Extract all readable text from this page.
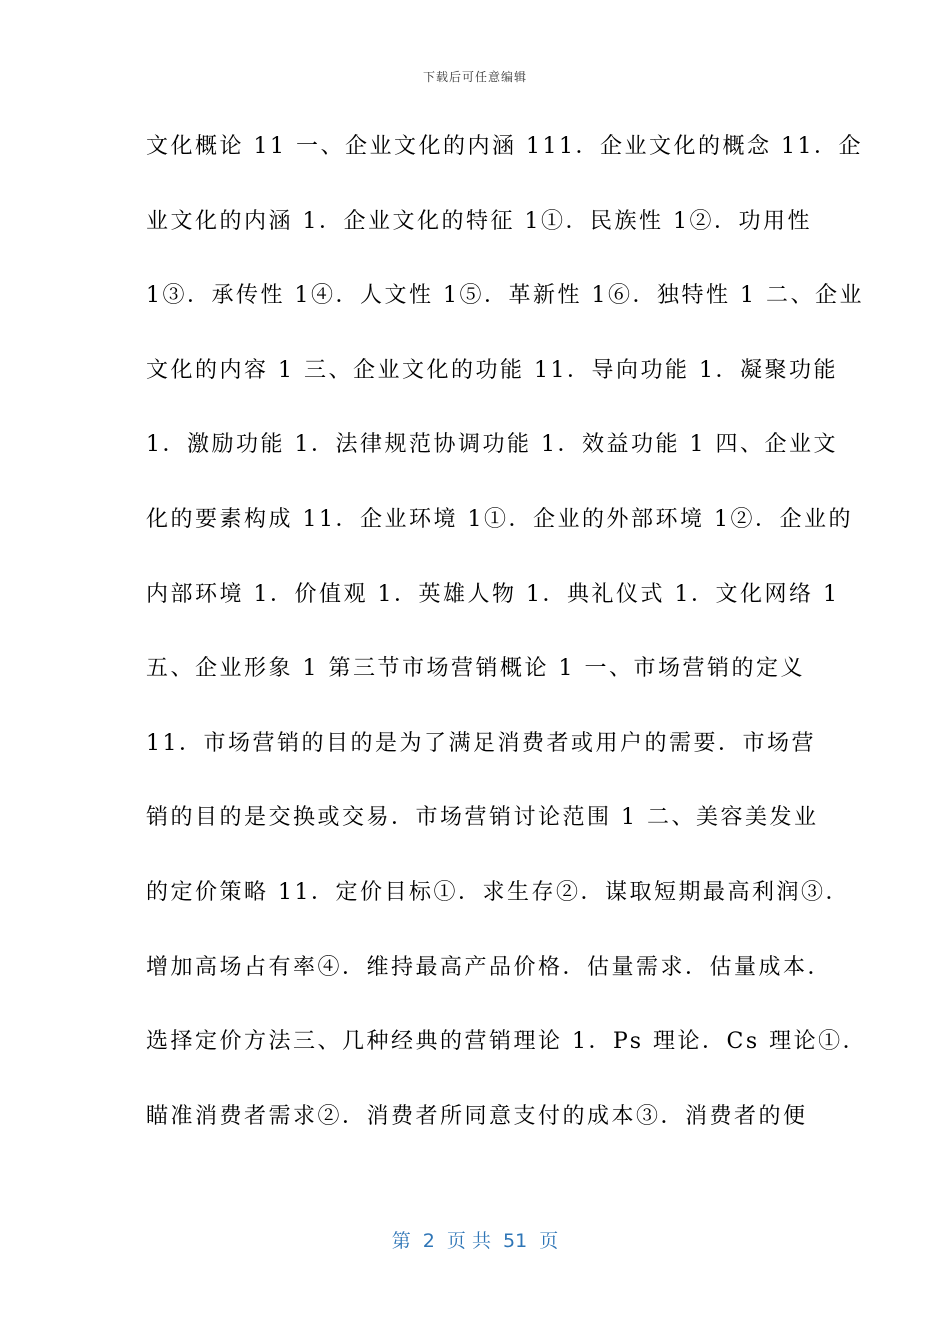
下载后可任意编辑
文化概论 11 一、企业文化的内涵 111．企业文化的概念 11．企
业文化的内涵 1．企业文化的特征 1①．民族性 1②．功用性
1③．承传性 1④．人文性 1⑤．革新性 1⑥．独特性 1 二、企业
文化的内容 1 三、企业文化的功能 11．导向功能 1．凝聚功能
1．激励功能 1．法律规范协调功能 1．效益功能 1 四、企业文
化的要素构成 11．企业环境 1①．企业的外部环境 1②．企业的
内部环境 1．价值观 1．英雄人物 1．典礼仪式 1．文化网络 1
五、企业形象 1 第三节市场营销概论 1 一、市场营销的定义
11．市场营销的目的是为了满足消费者或用户的需要．市场营
销的目的是交换或交易．市场营销讨论范围 1 二、美容美发业
的定价策略 11．定价目标①．求生存②．谋取短期最高利润③．
增加高场占有率④．维持最高产品价格．估量需求．估量成本．
选择定价方法三、几种经典的营销理论 1．Ps 理论．Cs 理论①．
瞄准消费者需求②．消费者所同意支付的成本③．消费者的便
第  2  页 共  51  页
